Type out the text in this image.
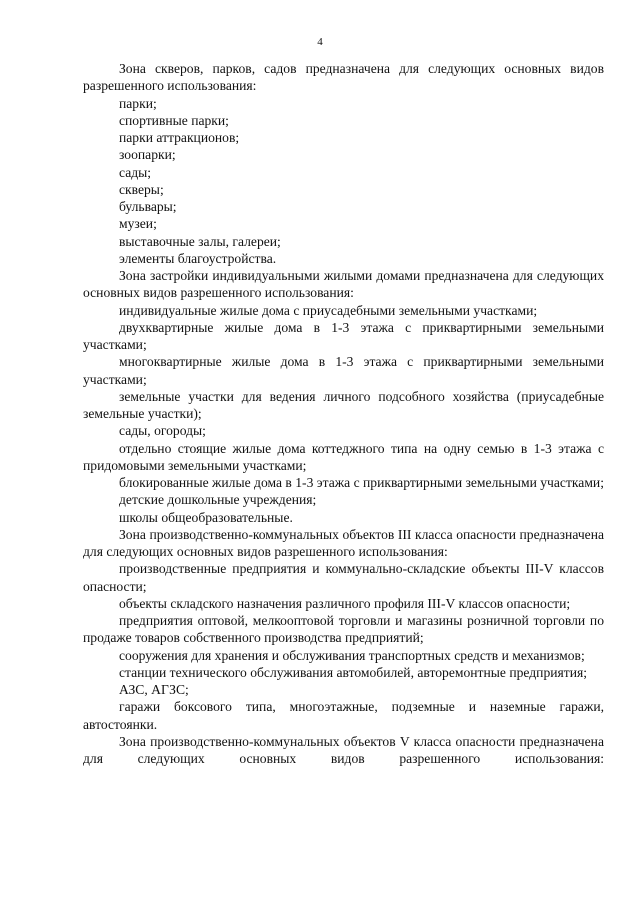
4

Зона скверов, парков, садов предназначена для следующих основных видов разрешенного использования:

парки;

спортивные парки;

парки аттракционов;

зоопарки;

сады;

скверы;

бульвары;

музеи;

выставочные залы, галереи;

элементы благоустройства.

Зона застройки индивидуальными жилыми домами предназначена для следующих основных видов разрешенного использования:

индивидуальные жилые дома с приусадебными земельными участками;

двухквартирные жилые дома в 1-3 этажа с приквартирными земельными участками;

многоквартирные жилые дома в 1-3 этажа с приквартирными земельными участками;

земельные участки для ведения личного подсобного хозяйства (приусадебные земельные участки);

сады, огороды;

отдельно стоящие жилые дома коттеджного типа на одну семью в 1-3 этажа с придомовыми земельными участками;

блокированные жилые дома в 1-3 этажа с приквартирными земельными участками;

детские дошкольные учреждения;

школы общеобразовательные.

Зона производственно-коммунальных объектов III класса опасности предназначена для следующих основных видов разрешенного использования:

производственные предприятия и коммунально-складские объекты III-V классов опасности;

объекты складского назначения различного профиля III-V классов опасности;

предприятия оптовой, мелкооптовой торговли и магазины розничной торговли по продаже товаров собственного производства предприятий;

сооружения для хранения и обслуживания транспортных средств и механизмов;

станции технического обслуживания автомобилей, авторемонтные предприятия;

АЗС, АГЗС;

гаражи боксового типа, многоэтажные, подземные и наземные гаражи, автостоянки.

Зона производственно-коммунальных объектов V класса опасности предназначена для следующих основных видов разрешенного использования:
